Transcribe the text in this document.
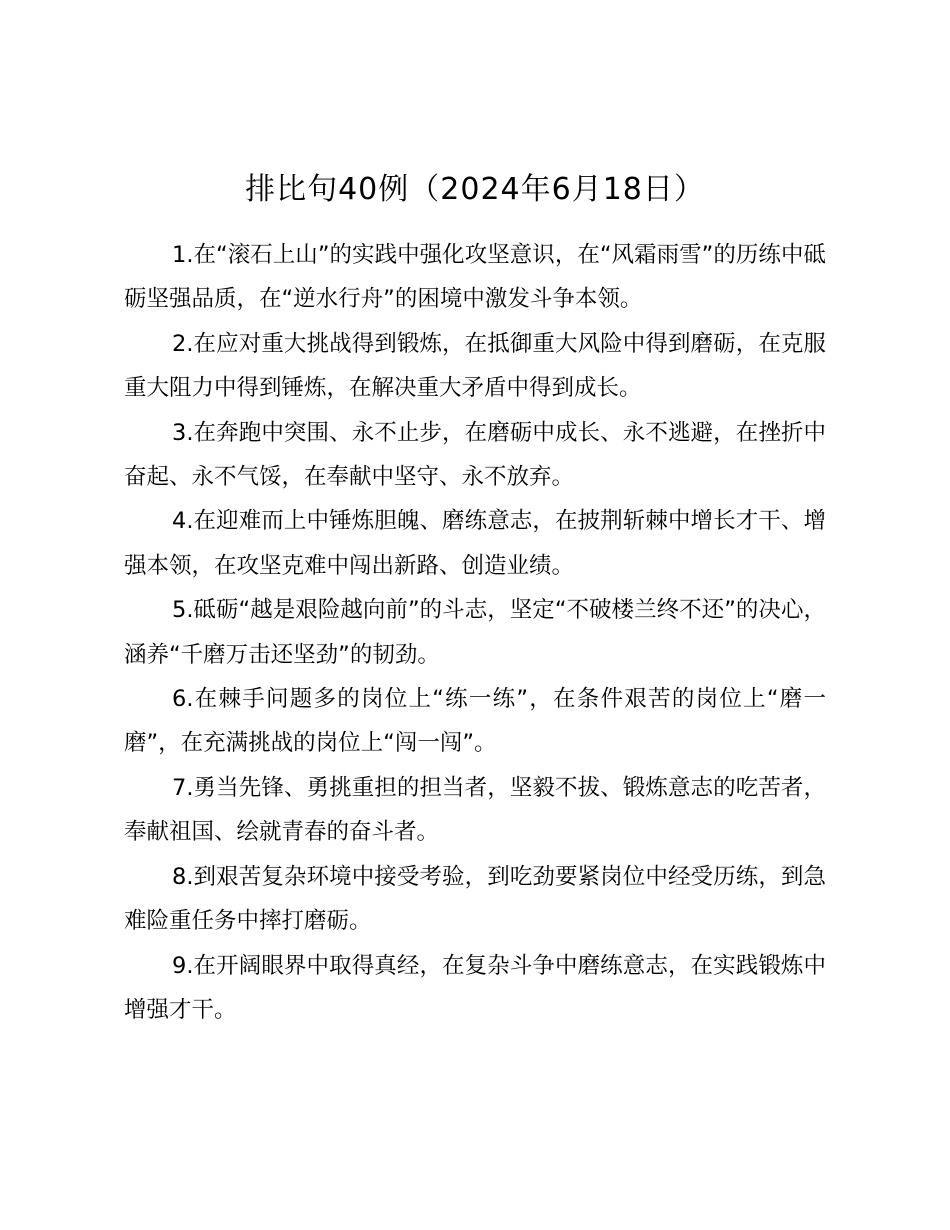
排比句40例（2024年6月18日）

1.在“滚石上山”的实践中强化攻坚意识，在“风霜雨雪”的历练中砥砺坚强品质，在“逆水行舟”的困境中激发斗争本领。

2.在应对重大挑战得到锻炼，在抵御重大风险中得到磨砺，在克服重大阻力中得到锤炼，在解决重大矛盾中得到成长。

3.在奔跑中突围、永不止步，在磨砺中成长、永不逃避，在挫折中奋起、永不气馁，在奉献中坚守、永不放弃。

4.在迎难而上中锤炼胆魄、磨练意志，在披荆斩棘中增长才干、增强本领，在攻坚克难中闯出新路、创造业绩。

5.砥砺“越是艰险越向前”的斗志，坚定“不破楼兰终不还”的决心，涵养“千磨万击还坚劲”的韧劲。

6.在棘手问题多的岗位上“练一练”，在条件艰苦的岗位上“磨一磨”，在充满挑战的岗位上“闯一闯”。

7.勇当先锋、勇挑重担的担当者，坚毅不拔、锻炼意志的吃苦者，奉献祖国、绘就青春的奋斗者。

8.到艰苦复杂环境中接受考验，到吃劲要紧岗位中经受历练，到急难险重任务中摔打磨砺。

9.在开阔眼界中取得真经，在复杂斗争中磨练意志，在实践锻炼中增强才干。
